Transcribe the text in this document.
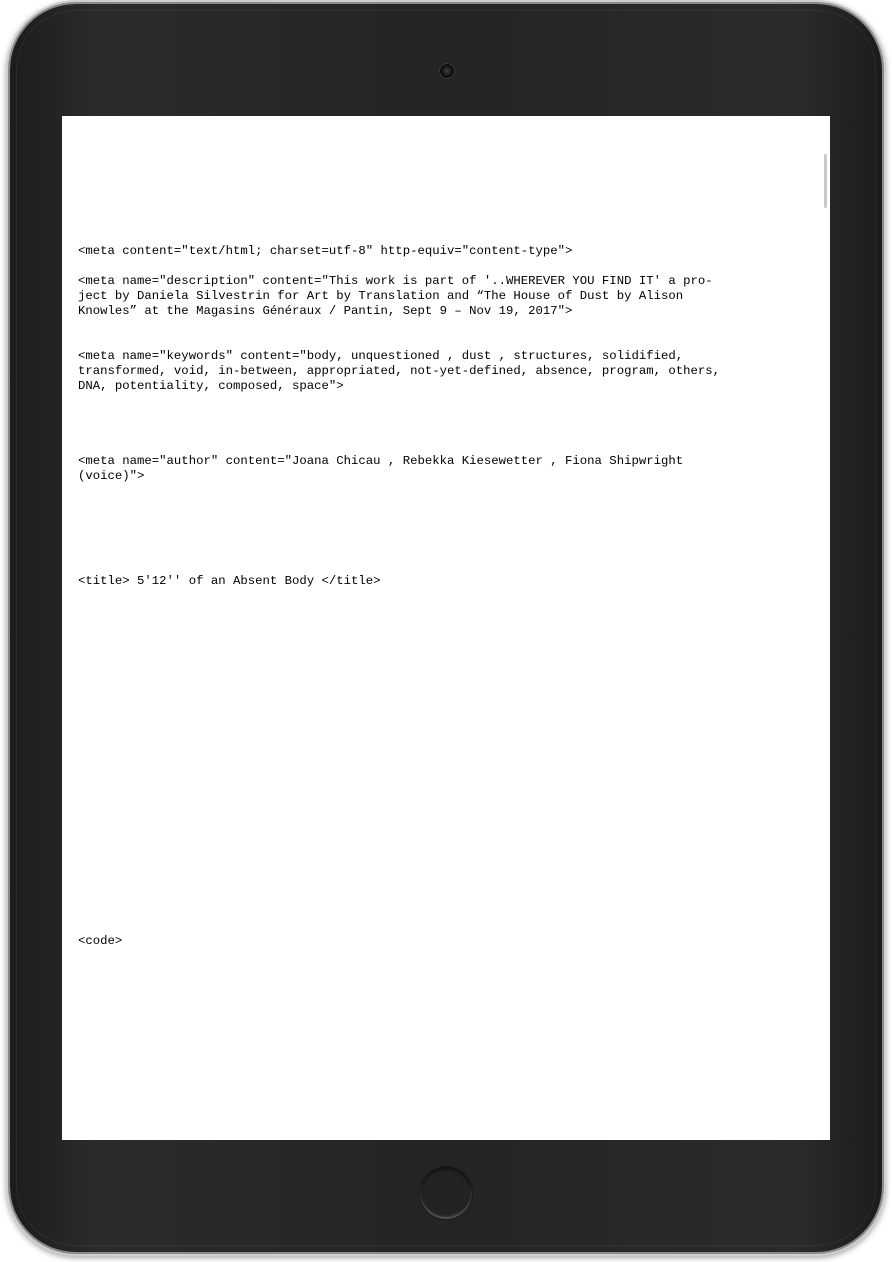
<meta content="text/html; charset=utf-8" http-equiv="content-type">
<meta name="description" content="This work is part of '..WHEREVER YOU FIND IT' a pro-
ject by Daniela Silvestrin for Art by Translation and “The House of Dust by Alison
Knowles” at the Magasins Généraux / Pantin, Sept 9 – Nov 19, 2017">
<meta name="keywords" content="body, unquestioned , dust , structures, solidified,
transformed, void, in-between, appropriated, not-yet-defined, absence, program, others,
DNA, potentiality, composed, space">
<meta name="author" content="Joana Chicau , Rebekka Kiesewetter , Fiona Shipwright
(voice)">
<title> 5'12'' of an Absent Body </title>
<code>
